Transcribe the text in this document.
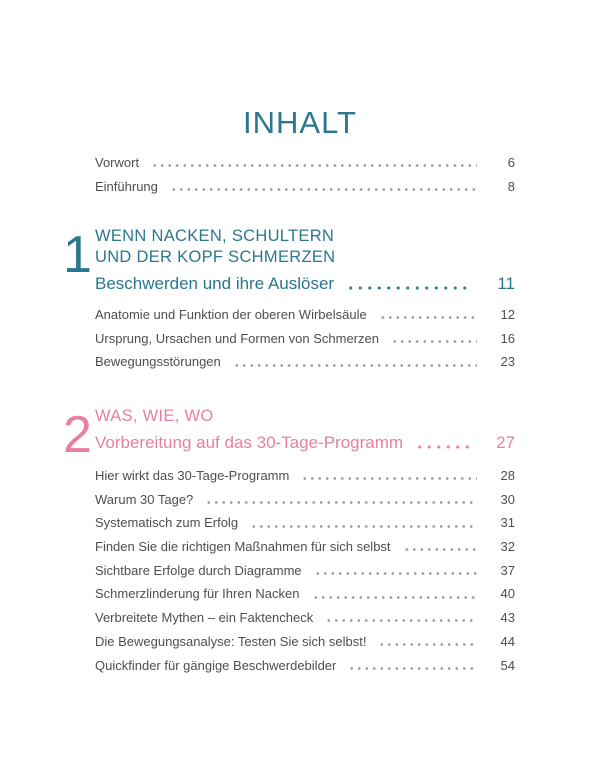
INHALT
Vorwort	6
Einführung	8
1 WENN NACKEN, SCHULTERN
UND DER KOPF SCHMERZEN
Beschwerden und ihre Auslöser	11
Anatomie und Funktion der oberen Wirbelsäule	12
Ursprung, Ursachen und Formen von Schmerzen	16
Bewegungsstörungen	23
2 WAS, WIE, WO
Vorbereitung auf das 30-Tage-Programm	27
Hier wirkt das 30-Tage-Programm	28
Warum 30 Tage?	30
Systematisch zum Erfolg	31
Finden Sie die richtigen Maßnahmen für sich selbst	32
Sichtbare Erfolge durch Diagramme	37
Schmerzlinderung für Ihren Nacken	40
Verbreitete Mythen – ein Faktencheck	43
Die Bewegungsanalyse: Testen Sie sich selbst!	44
Quickfinder für gängige Beschwerdebilder	54
